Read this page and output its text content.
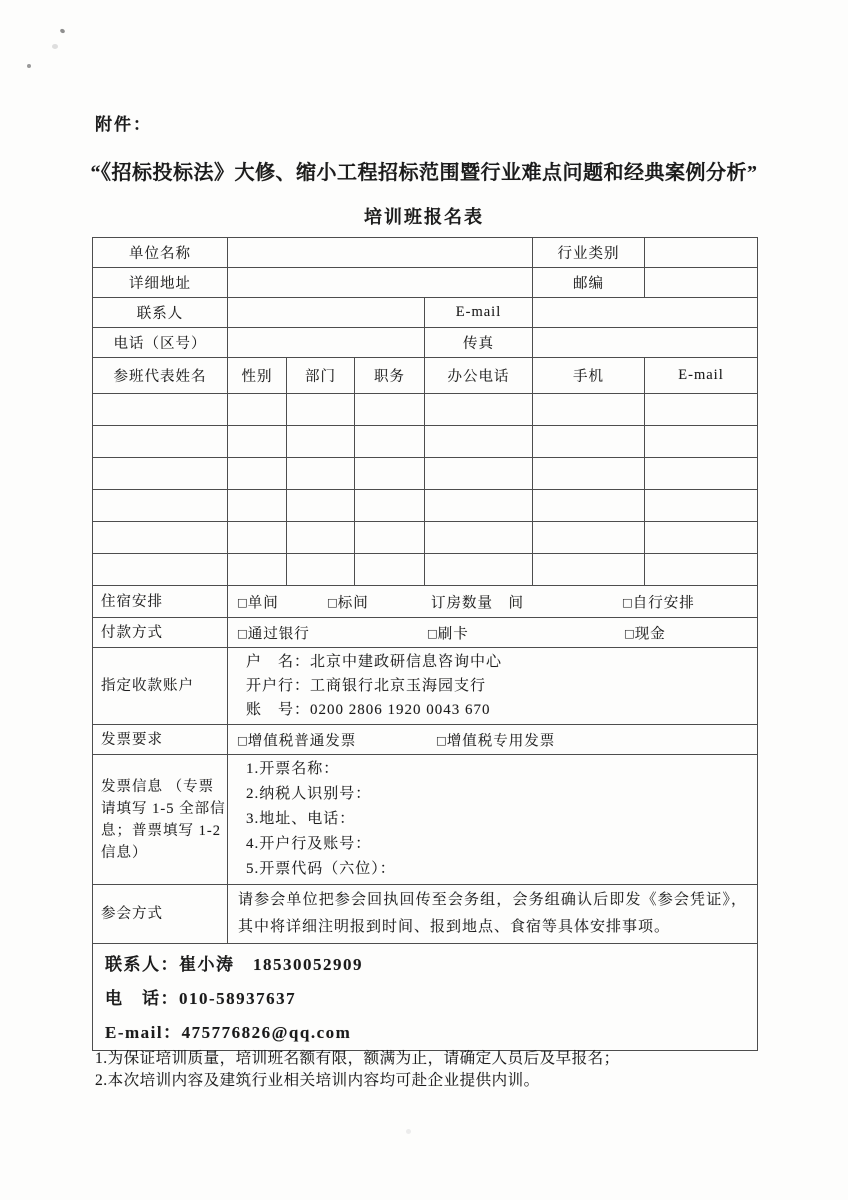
附件：
“《招标投标法》大修、缩小工程招标范围暨行业难点问题和经典案例分析”
培训班报名表
单位名称					行业类别	
详细地址					邮编	
联系人				E-mail		
电话（区号）				传真		
参班代表姓名	性别	部门	职务	办公电话	手机	E-mail

住宿安排	□单间 □标间 订房数量　间 □自行安排					

付款方式	□通过银行 □刷卡 □现金					

指定收款账户	户　名：北京中建政研信息咨询中心
开户行：工商银行北京玉海园支行
账　号：0200 2806 1920 0043 670					

发票要求	□增值税普通发票 □增值税专用发票					

发票信息 （专票请填写 1-5 全部信息；普票填写 1-2 信息）	1.开票名称：
2.纳税人识别号：
3.地址、电话：
4.开户行及账号：
5.开票代码（六位）：					

参会方式	请参会单位把参会回执回传至会务组，会务组确认后即发《参会凭证》，其中将详细注明报到时间、报到地点、食宿等具体安排事项。					

联系人：崔小涛　18530052909
电　话：010-58937637
E-mail：475776826@qq.com						
1.为保证培训质量，培训班名额有限，额满为止，请确定人员后及早报名；
2.本次培训内容及建筑行业相关培训内容均可赴企业提供内训。
